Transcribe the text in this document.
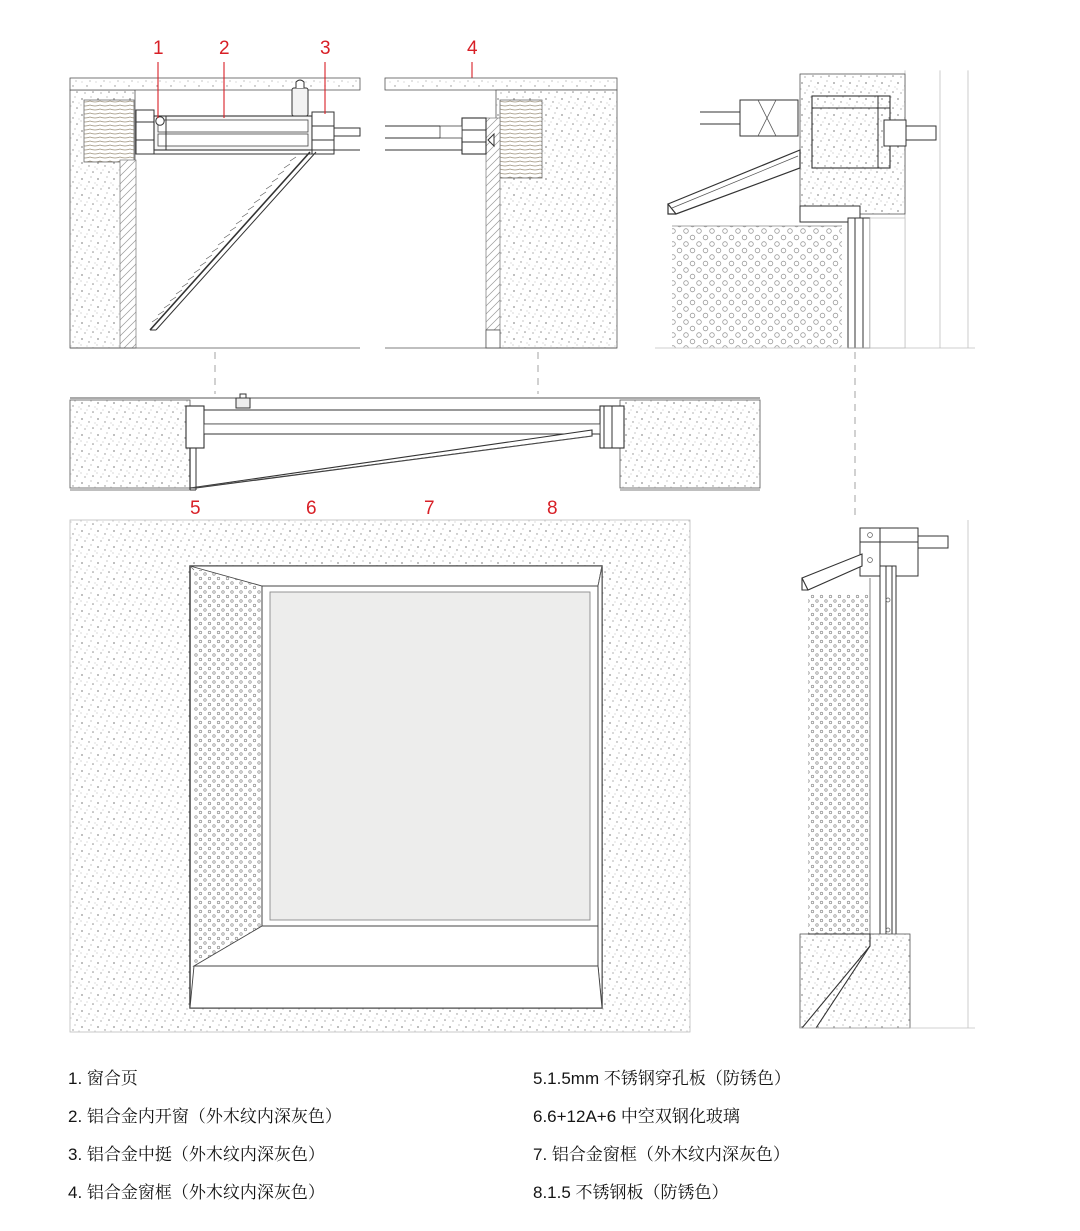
1	2	3	4
5	6	7	8
1. 窗合页
2. 铝合金内开窗（外木纹内深灰色）
3. 铝合金中挺（外木纹内深灰色）
4. 铝合金窗框（外木纹内深灰色）
5.1.5mm 不锈钢穿孔板（防锈色）
6.6+12A+6 中空双钢化玻璃
7. 铝合金窗框（外木纹内深灰色）
8.1.5 不锈钢板（防锈色）
